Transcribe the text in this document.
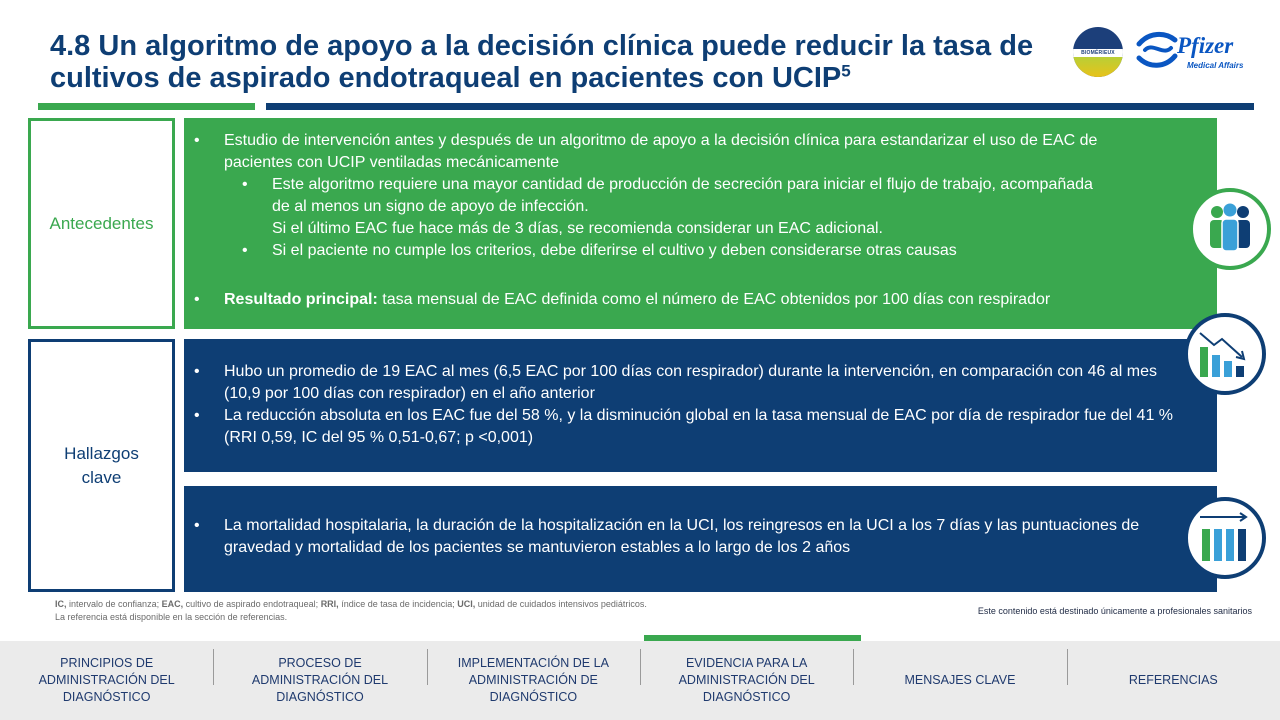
4.8 Un algoritmo de apoyo a la decisión clínica puede reducir la tasa de cultivos de aspirado endotraqueal en pacientes con UCIP$^5$
BIOMÉRIEUX	Pfizer
Medical Affairs
Antecedentes
Hallazgos clave
• Estudio de intervención antes y después de un algoritmo de apoyo a la decisión clínica para estandarizar el uso de EAC de pacientes con UCIP ventiladas mecánicamente
• Este algoritmo requiere una mayor cantidad de producción de secreción para iniciar el flujo de trabajo, acompañada de al menos un signo de apoyo de infección.
Si el último EAC fue hace más de 3 días, se recomienda considerar un EAC adicional.
• Si el paciente no cumple los criterios, debe diferirse el cultivo y deben considerarse otras causas
• Resultado principal: tasa mensual de EAC definida como el número de EAC obtenidos por 100 días con respirador
• Hubo un promedio de 19 EAC al mes (6,5 EAC por 100 días con respirador) durante la intervención, en comparación con 46 al mes (10,9 por 100 días con respirador) en el año anterior
• La reducción absoluta en los EAC fue del 58 %, y la disminución global en la tasa mensual de EAC por día de respirador fue del 41 % (RRI 0,59, IC del 95 % 0,51-0,67; p <0,001)
• La mortalidad hospitalaria, la duración de la hospitalización en la UCI, los reingresos en la UCI a los 7 días y las puntuaciones de gravedad y mortalidad de los pacientes se mantuvieron estables a lo largo de los 2 años
IC, intervalo de confianza; EAC, cultivo de aspirado endotraqueal; RRI, índice de tasa de incidencia; UCI, unidad de cuidados intensivos pediátricos.
La referencia está disponible en la sección de referencias.
Este contenido está destinado únicamente a profesionales sanitarios
PRINCIPIOS DE ADMINISTRACIÓN DEL DIAGNÓSTICO
PROCESO DE ADMINISTRACIÓN DEL DIAGNÓSTICO
IMPLEMENTACIÓN DE LA ADMINISTRACIÓN DE DIAGNÓSTICO
EVIDENCIA PARA LA ADMINISTRACIÓN DEL DIAGNÓSTICO
MENSAJES CLAVE	REFERENCIAS
